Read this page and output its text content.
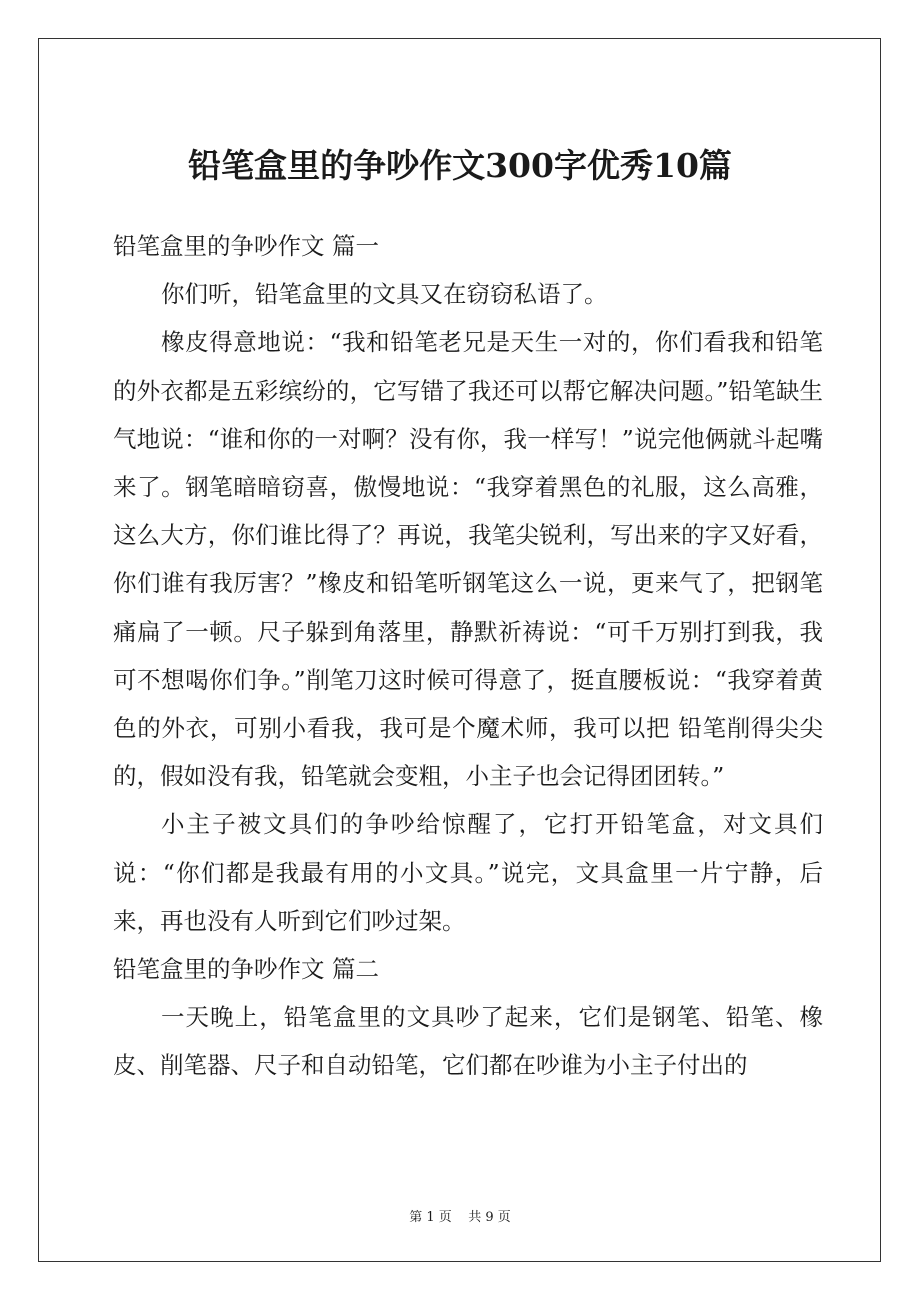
铅笔盒里的争吵作文300字优秀10篇

铅笔盒里的争吵作文 篇一

你们听，铅笔盒里的文具又在窃窃私语了。

橡皮得意地说：“我和铅笔老兄是天生一对的，你们看我和铅笔的外衣都是五彩缤纷的，它写错了我还可以帮它解决问题。”铅笔缺生气地说：“谁和你的一对啊？没有你，我一样写！”说完他俩就斗起嘴来了。钢笔暗暗窃喜，傲慢地说：“我穿着黑色的礼服，这么高雅，这么大方，你们谁比得了？再说，我笔尖锐利，写出来的字又好看，你们谁有我厉害？”橡皮和铅笔听钢笔这么一说，更来气了，把钢笔痛扁了一顿。尺子躲到角落里，静默祈祷说：“可千万别打到我，我可不想喝你们争。”削笔刀这时候可得意了，挺直腰板说：“我穿着黄色的外衣，可别小看我，我可是个魔术师，我可以把 铅笔削得尖尖的，假如没有我，铅笔就会变粗，小主子也会记得团团转。”

小主子被文具们的争吵给惊醒了，它打开铅笔盒，对文具们说：“你们都是我最有用的小文具。”说完，文具盒里一片宁静，后来，再也没有人听到它们吵过架。

铅笔盒里的争吵作文 篇二

一天晚上，铅笔盒里的文具吵了起来，它们是钢笔、铅笔、橡皮、削笔器、尺子和自动铅笔，它们都在吵谁为小主子付出的

第 1 页    共 9 页
